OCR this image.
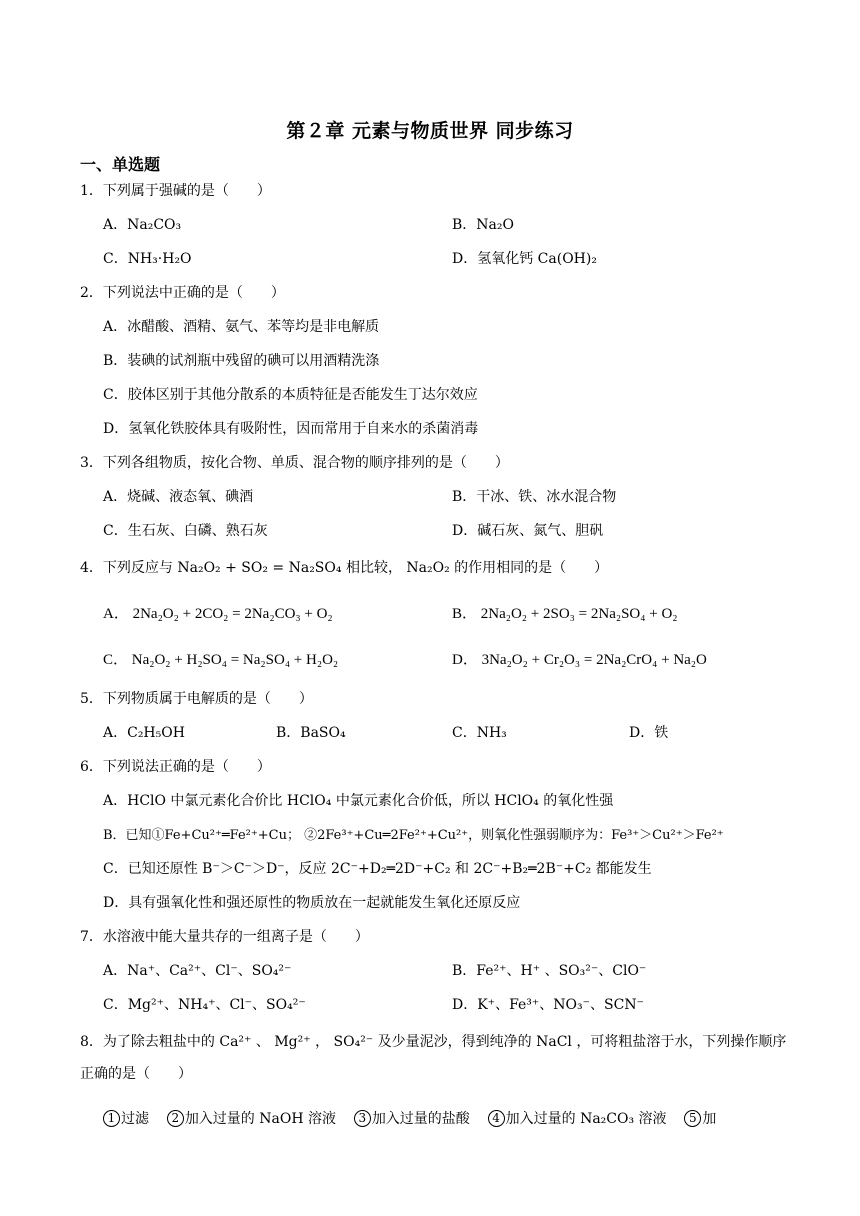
第２章 元素与物质世界 同步练习
一、单选题
1．下列属于强碱的是（　　）
A．Na₂CO₃	B．Na₂O
C．NH₃·H₂O	D．氢氧化钙 Ca(OH)₂
2．下列说法中正确的是（　　）
A．冰醋酸、酒精、氨气、苯等均是非电解质
B．装碘的试剂瓶中残留的碘可以用酒精洗涤
C．胶体区别于其他分散系的本质特征是否能发生丁达尔效应
D．氢氧化铁胶体具有吸附性，因而常用于自来水的杀菌消毒
3．下列各组物质，按化合物、单质、混合物的顺序排列的是（　　）
A．烧碱、液态氧、碘酒	B．干冰、铁、冰水混合物
C．生石灰、白磷、熟石灰	D．碱石灰、氮气、胆矾
4．下列反应与 Na₂O₂ + SO₂ = Na₂SO₄ 相比较， Na₂O₂ 的作用相同的是（　　）
A． 2Na₂O₂ + 2CO₂ = 2Na₂CO₃ + O₂	B． 2Na₂O₂ + 2SO₃ = 2Na₂SO₄ + O₂
C． Na₂O₂ + H₂SO₄ = Na₂SO₄ + H₂O₂	D． 3Na₂O₂ + Cr₂O₃ = 2Na₂CrO₄ + Na₂O
5．下列物质属于电解质的是（　　）
A．C₂H₅OH	B．BaSO₄	C．NH₃	D．铁
6．下列说法正确的是（　　）
A．HClO 中氯元素化合价比 HClO₄ 中氯元素化合价低，所以 HClO₄ 的氧化性强
B．已知①Fe+Cu²⁺═Fe²⁺+Cu； ②2Fe³⁺+Cu═2Fe²⁺+Cu²⁺，则氧化性强弱顺序为：Fe³⁺＞Cu²⁺＞Fe²⁺
C．已知还原性 B⁻＞C⁻＞D⁻，反应 2C⁻+D₂═2D⁻+C₂ 和 2C⁻+B₂═2B⁻+C₂ 都能发生
D．具有强氧化性和强还原性的物质放在一起就能发生氧化还原反应
7．水溶液中能大量共存的一组离子是（　　）
A．Na⁺、Ca²⁺、Cl⁻、SO₄²⁻	B．Fe²⁺、H⁺ 、SO₃²⁻、ClO⁻
C．Mg²⁺、NH₄⁺、Cl⁻、SO₄²⁻	D．K⁺、Fe³⁺、NO₃⁻、SCN⁻
8．为了除去粗盐中的 Ca²⁺ 、 Mg²⁺ ， SO₄²⁻ 及少量泥沙，得到纯净的 NaCl ，可将粗盐溶于水，下列操作顺序正确的是（　　）
1 过滤 2 加入过量的 NaOH 溶液 3 加入过量的盐酸 4 加入过量的 Na₂CO₃ 溶液 5 加
